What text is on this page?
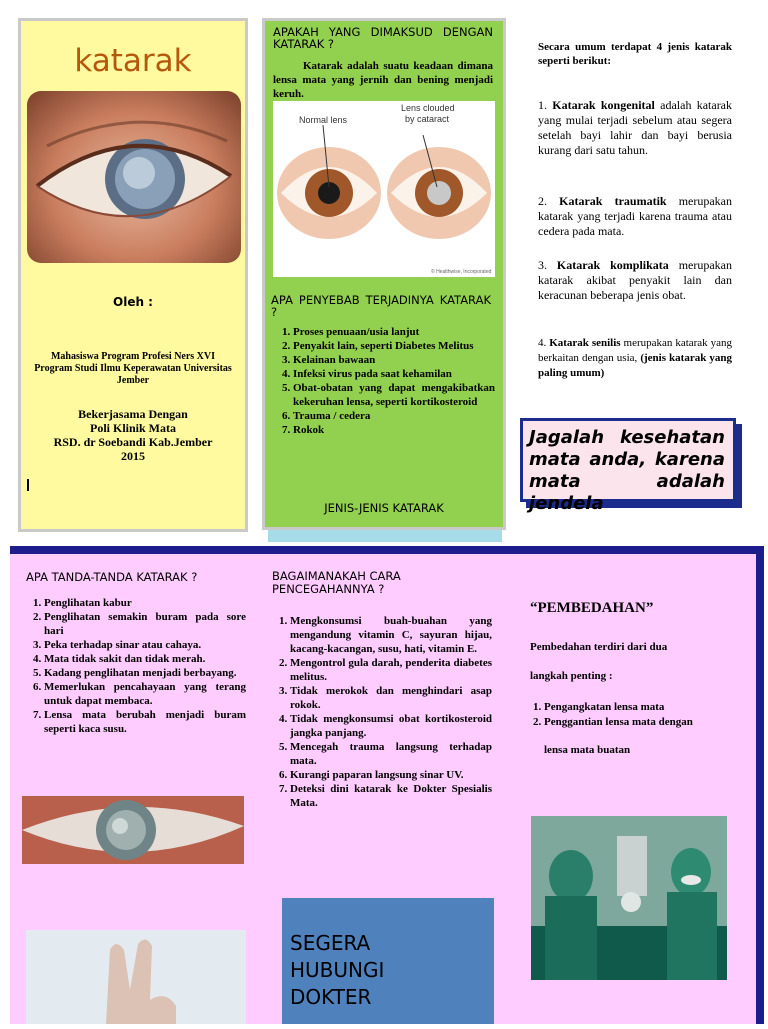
katarak
Oleh :
Mahasiswa Program Profesi Ners XVI
Program Studi Ilmu Keperawatan Universitas
Jember
Bekerjasama Dengan
Poli Klinik Mata
RSD. dr Soebandi Kab.Jember
2015
APAKAH YANG DIMAKSUD DENGAN KATARAK ?
Katarak adalah suatu keadaan dimana lensa mata yang jernih dan bening menjadi keruh.
Normal lens
Lens clouded
by cataract
© Healthwise, Incorporated
APA PENYEBAB TERJADINYA KATARAK ?
1. Proses penuaan/usia lanjut
2. Penyakit lain, seperti Diabetes Melitus
3. Kelainan bawaan
4. Infeksi virus pada saat kehamilan
5. Obat-obatan yang dapat mengakibatkan kekeruhan lensa, seperti kortikosteroid
6. Trauma / cedera
7. Rokok
JENIS-JENIS KATARAK
Secara umum terdapat 4 jenis katarak seperti berikut:
1. Katarak kongenital adalah katarak yang mulai terjadi sebelum atau segera setelah bayi lahir dan bayi berusia kurang dari satu tahun.
2. Katarak traumatik merupakan katarak yang terjadi karena trauma atau cedera pada mata.
3. Katarak komplikata merupakan katarak akibat penyakit lain dan keracunan beberapa jenis obat.
4. Katarak senilis merupakan katarak yang berkaitan dengan usia, (jenis katarak yang paling umum)
Jagalah kesehatan mata anda, karena mata adalah jendela
APA TANDA-TANDA KATARAK ?
1. Penglihatan kabur
2. Penglihatan semakin buram pada sore hari
3. Peka terhadap sinar atau cahaya.
4. Mata tidak sakit dan tidak merah.
5. Kadang penglihatan menjadi berbayang.
6. Memerlukan pencahayaan yang terang untuk dapat membaca.
7. Lensa mata berubah menjadi buram seperti kaca susu.
BAGAIMANAKAH CARA PENCEGAHANNYA ?
1. Mengkonsumsi buah-buahan yang mengandung vitamin C, sayuran hijau, kacang-kacangan, susu, hati, vitamin E.
2. Mengontrol gula darah, penderita diabetes melitus.
3. Tidak merokok dan menghindari asap rokok.
4. Tidak mengkonsumsi obat kortikosteroid jangka panjang.
5. Mencegah trauma langsung terhadap mata.
6. Kurangi paparan langsung sinar UV.
7. Deteksi dini katarak ke Dokter Spesialis Mata.
SEGERA
HUBUNGI
DOKTER
“PEMBEDAHAN”
Pembedahan terdiri dari dua
langkah penting :
1. Pengangkatan lensa mata
2. Penggantian lensa mata dengan
lensa mata buatan
